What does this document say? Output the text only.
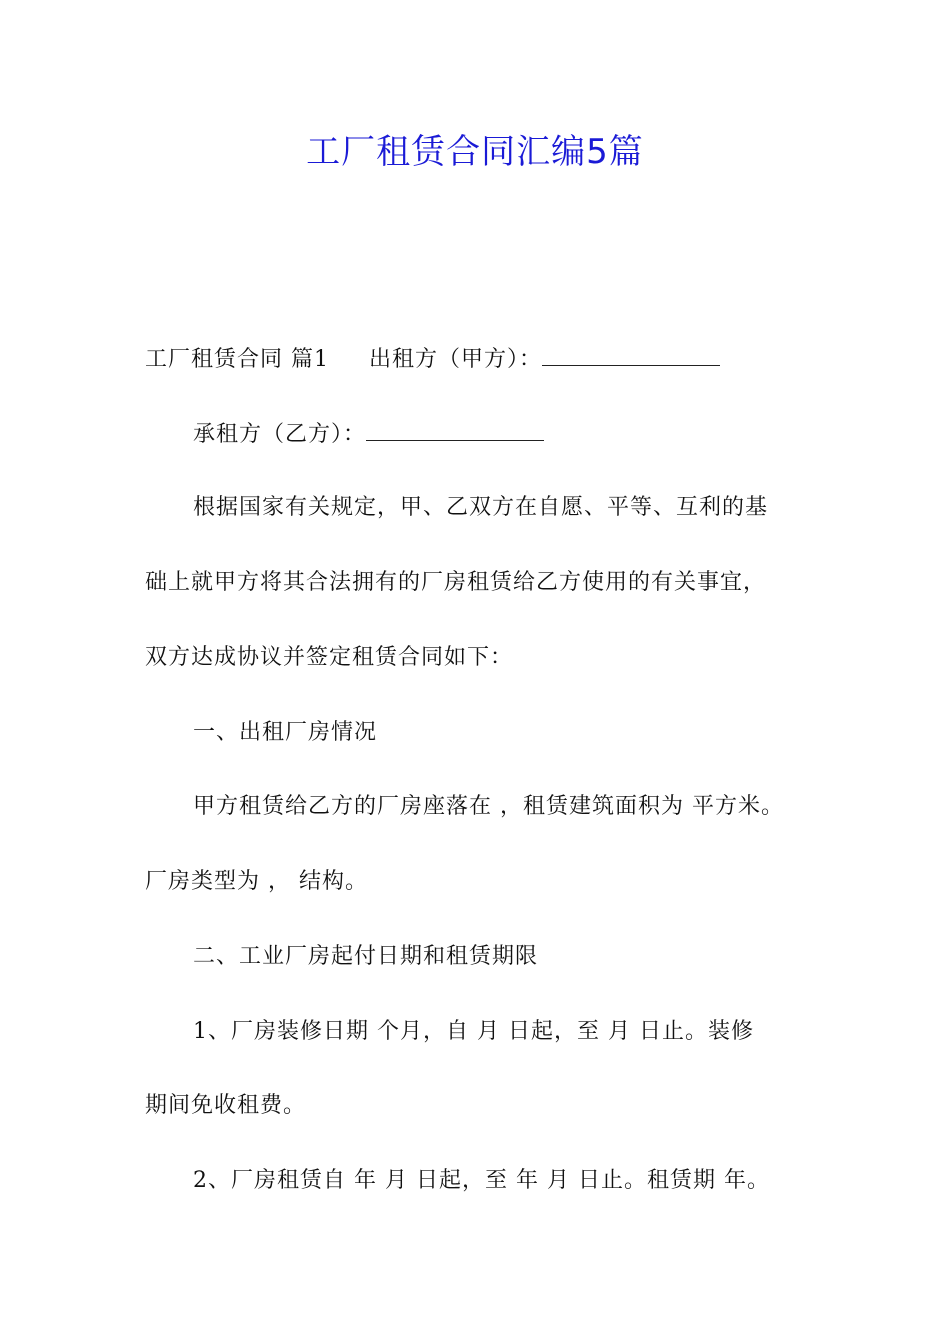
工厂租赁合同汇编5篇
工厂租赁合同 篇1 出租方（甲方）：
承租方（乙方）：
根据国家有关规定，甲、乙双方在自愿、平等、互利的基
础上就甲方将其合法拥有的厂房租赁给乙方使用的有关事宜，
双方达成协议并签定租赁合同如下：
一、出租厂房情况
甲方租赁给乙方的厂房座落在 ，租赁建筑面积为 平方米。
厂房类型为 ， 结构。
二、工业厂房起付日期和租赁期限
1、厂房装修日期 个月，自 月 日起，至 月 日止。装修
期间免收租费。
2、厂房租赁自 年 月 日起，至 年 月 日止。租赁期 年。
